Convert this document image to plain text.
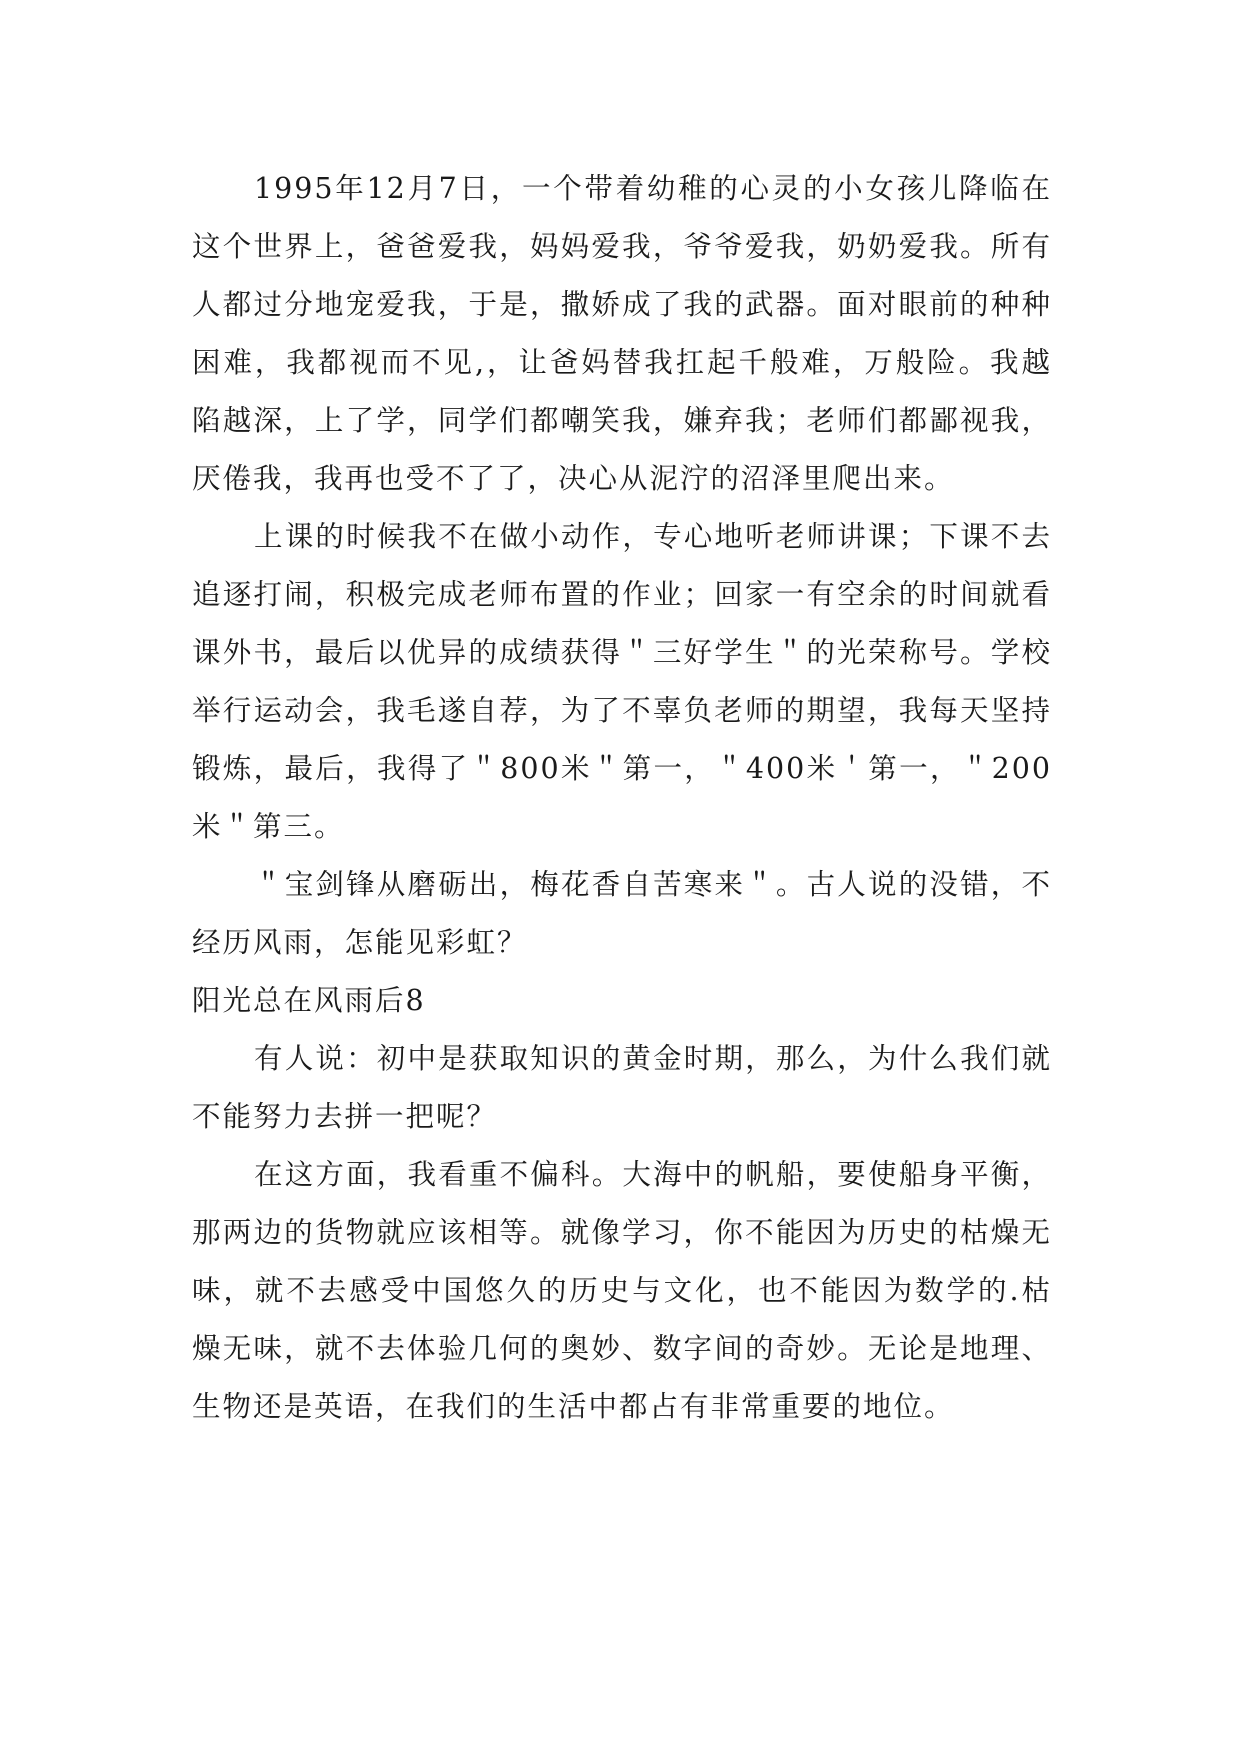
1995年12月7日，一个带着幼稚的心灵的小女孩儿降临在这个世界上，爸爸爱我，妈妈爱我，爷爷爱我，奶奶爱我。所有人都过分地宠爱我，于是，撒娇成了我的武器。面对眼前的种种困难，我都视而不见,，让爸妈替我扛起千般难，万般险。我越陷越深，上了学，同学们都嘲笑我，嫌弃我；老师们都鄙视我，厌倦我，我再也受不了了，决心从泥泞的沼泽里爬出来。

上课的时候我不在做小动作，专心地听老师讲课；下课不去追逐打闹，积极完成老师布置的作业；回家一有空余的时间就看课外书，最后以优异的成绩获得＂三好学生＂的光荣称号。学校举行运动会，我毛遂自荐，为了不辜负老师的期望，我每天坚持锻炼，最后，我得了＂800米＂第一，＂400米＇第一，＂200米＂第三。

＂宝剑锋从磨砺出，梅花香自苦寒来＂。古人说的没错，不经历风雨，怎能见彩虹？

阳光总在风雨后8

有人说：初中是获取知识的黄金时期，那么，为什么我们就不能努力去拼一把呢？

在这方面，我看重不偏科。大海中的帆船，要使船身平衡，那两边的货物就应该相等。就像学习，你不能因为历史的枯燥无味，就不去感受中国悠久的历史与文化，也不能因为数学的.枯燥无味，就不去体验几何的奥妙、数字间的奇妙。无论是地理、生物还是英语，在我们的生活中都占有非常重要的地位。
